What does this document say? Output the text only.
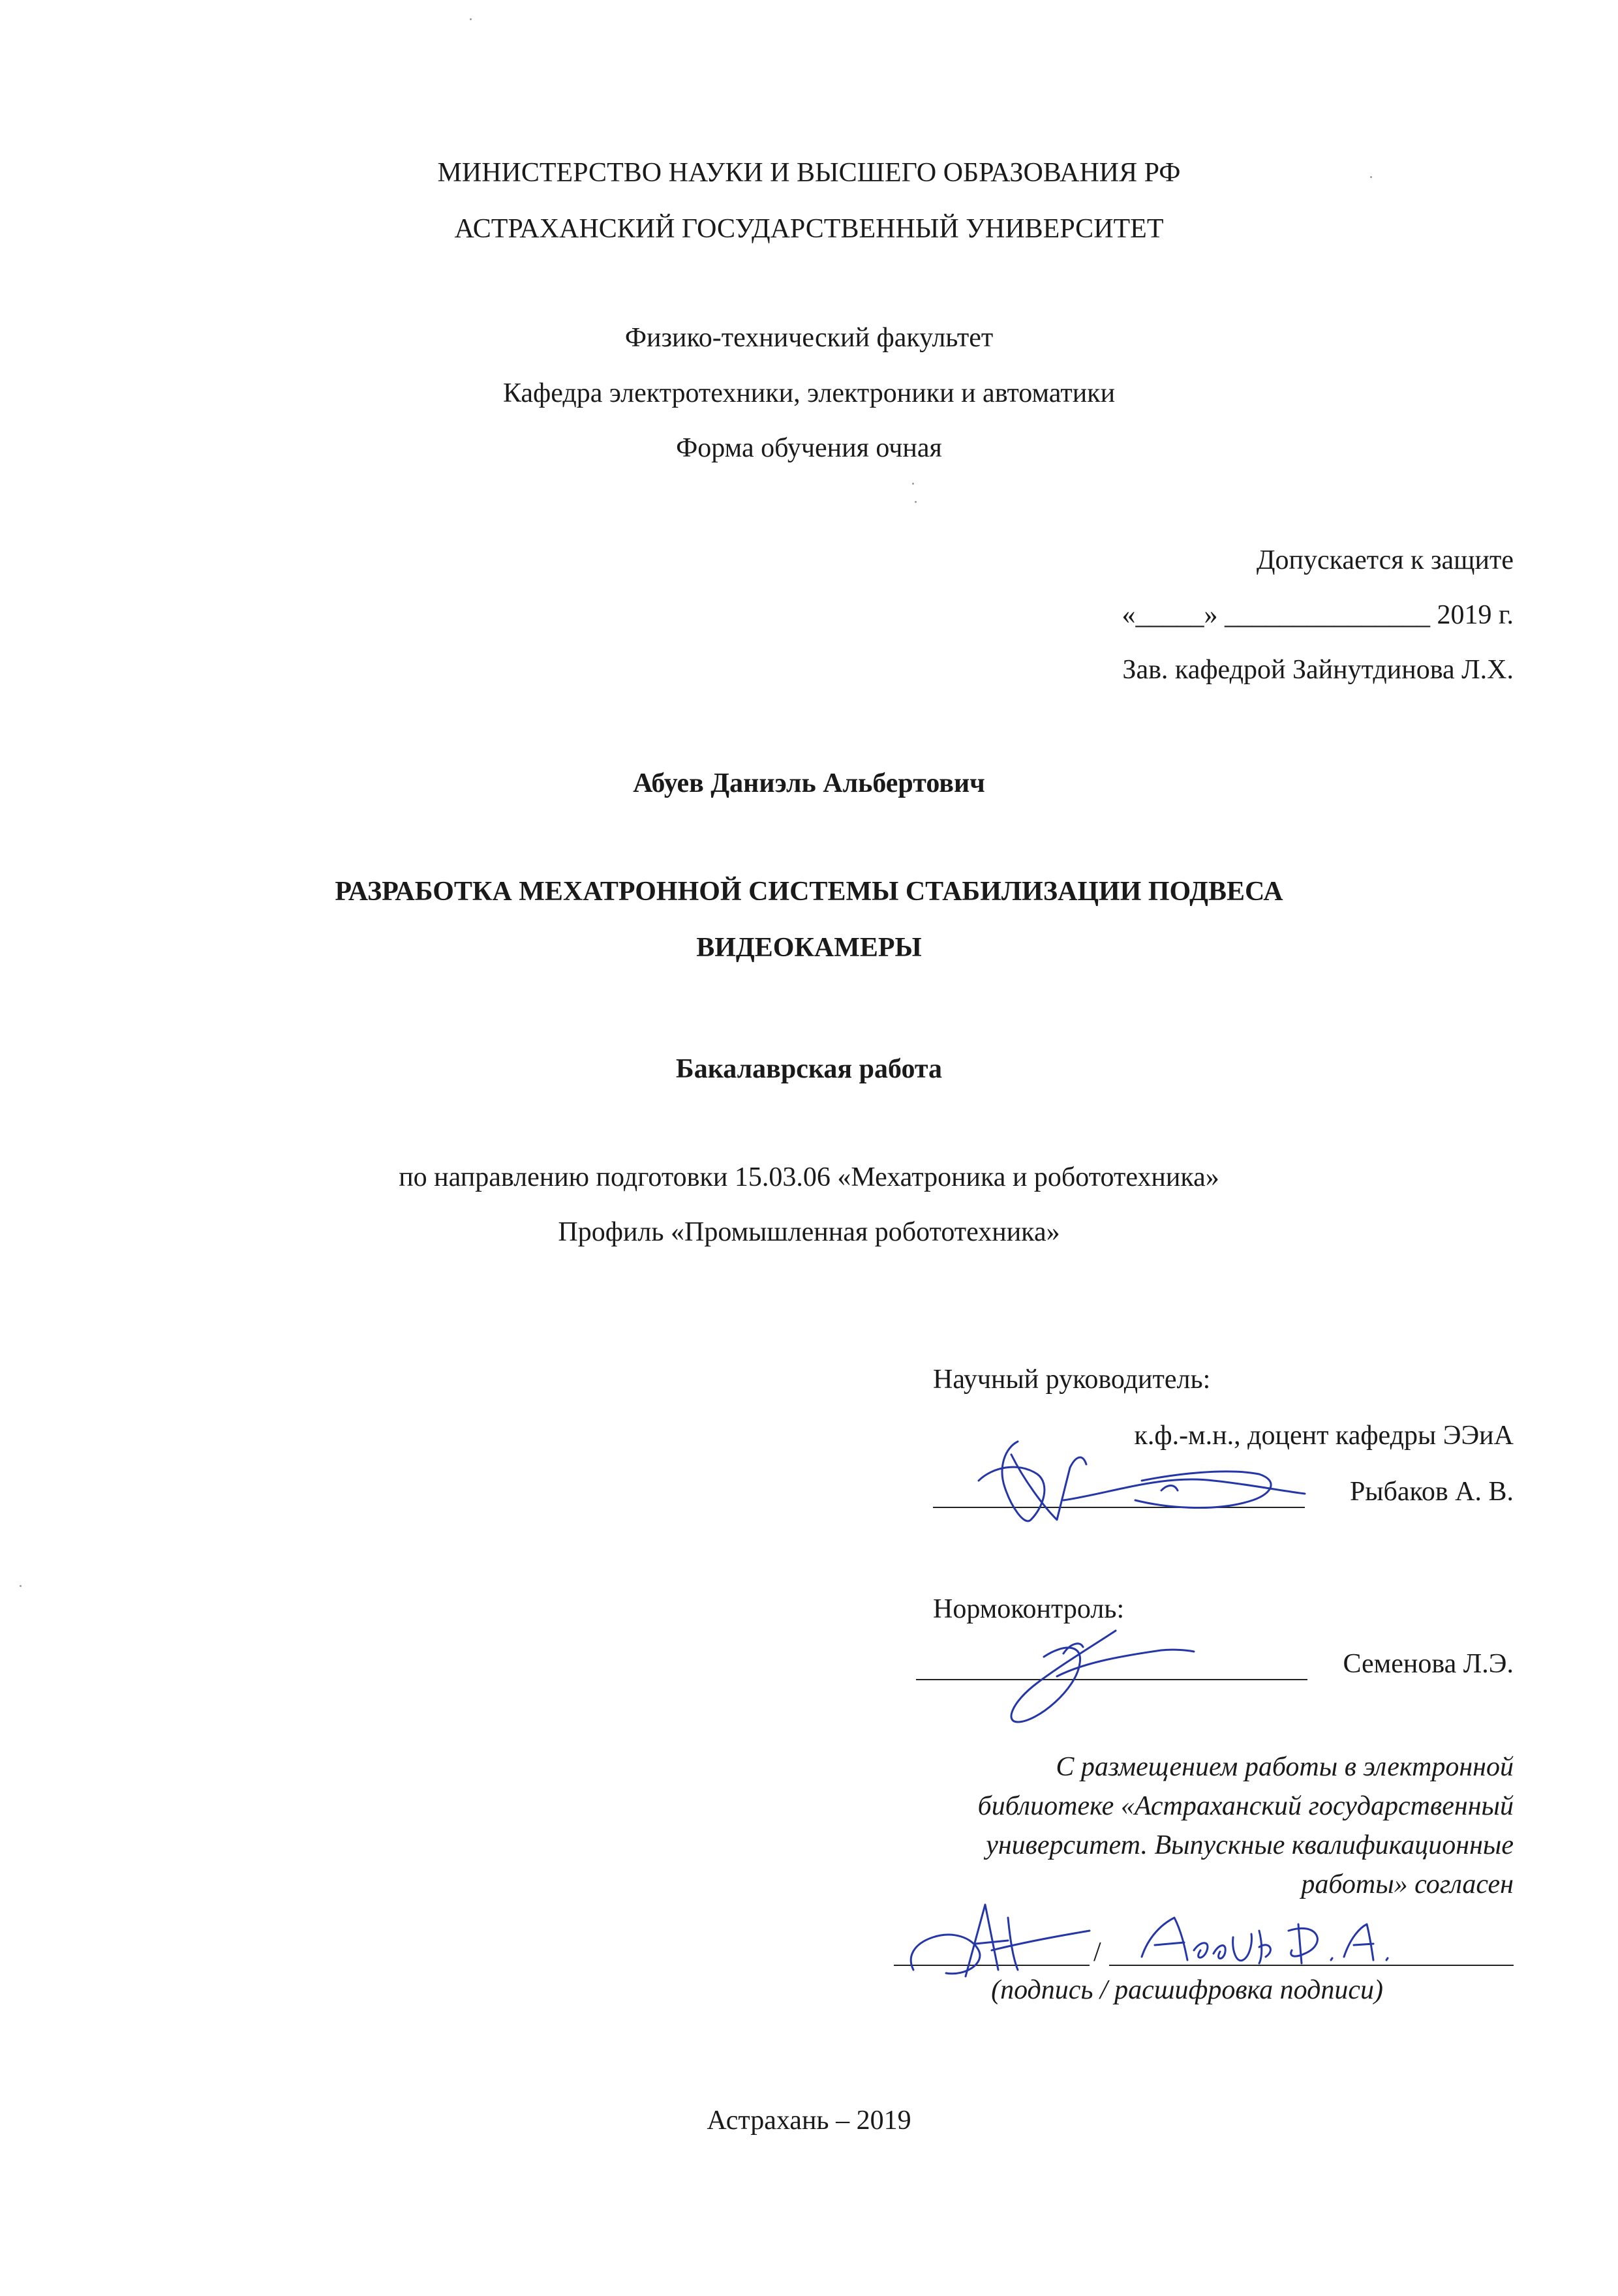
МИНИСТЕРСТВО НАУКИ И ВЫСШЕГО ОБРАЗОВАНИЯ РФ
АСТРАХАНСКИЙ ГОСУДАРСТВЕННЫЙ УНИВЕРСИТЕТ
Физико-технический факультет
Кафедра электротехники, электроники и автоматики
Форма обучения очная
Допускается к защите
«_____» _______________ 2019 г.
Зав. кафедрой Зайнутдинова Л.Х.
Абуев Даниэль Альбертович
РАЗРАБОТКА МЕХАТРОННОЙ СИСТЕМЫ СТАБИЛИЗАЦИИ ПОДВЕСА
ВИДЕОКАМЕРЫ
Бакалаврская работа
по направлению подготовки 15.03.06 «Мехатроника и робототехника»
Профиль «Промышленная робототехника»
Научный руководитель:
к.ф.-м.н., доцент кафедры ЭЭиА
Рыбаков А. В.
Нормоконтроль:
Семенова Л.Э.
С размещением работы в электронной
библиотеке «Астраханский государственный
университет. Выпускные квалификационные
работы» согласен
/
(подпись / расшифровка подписи)
Астрахань – 2019
